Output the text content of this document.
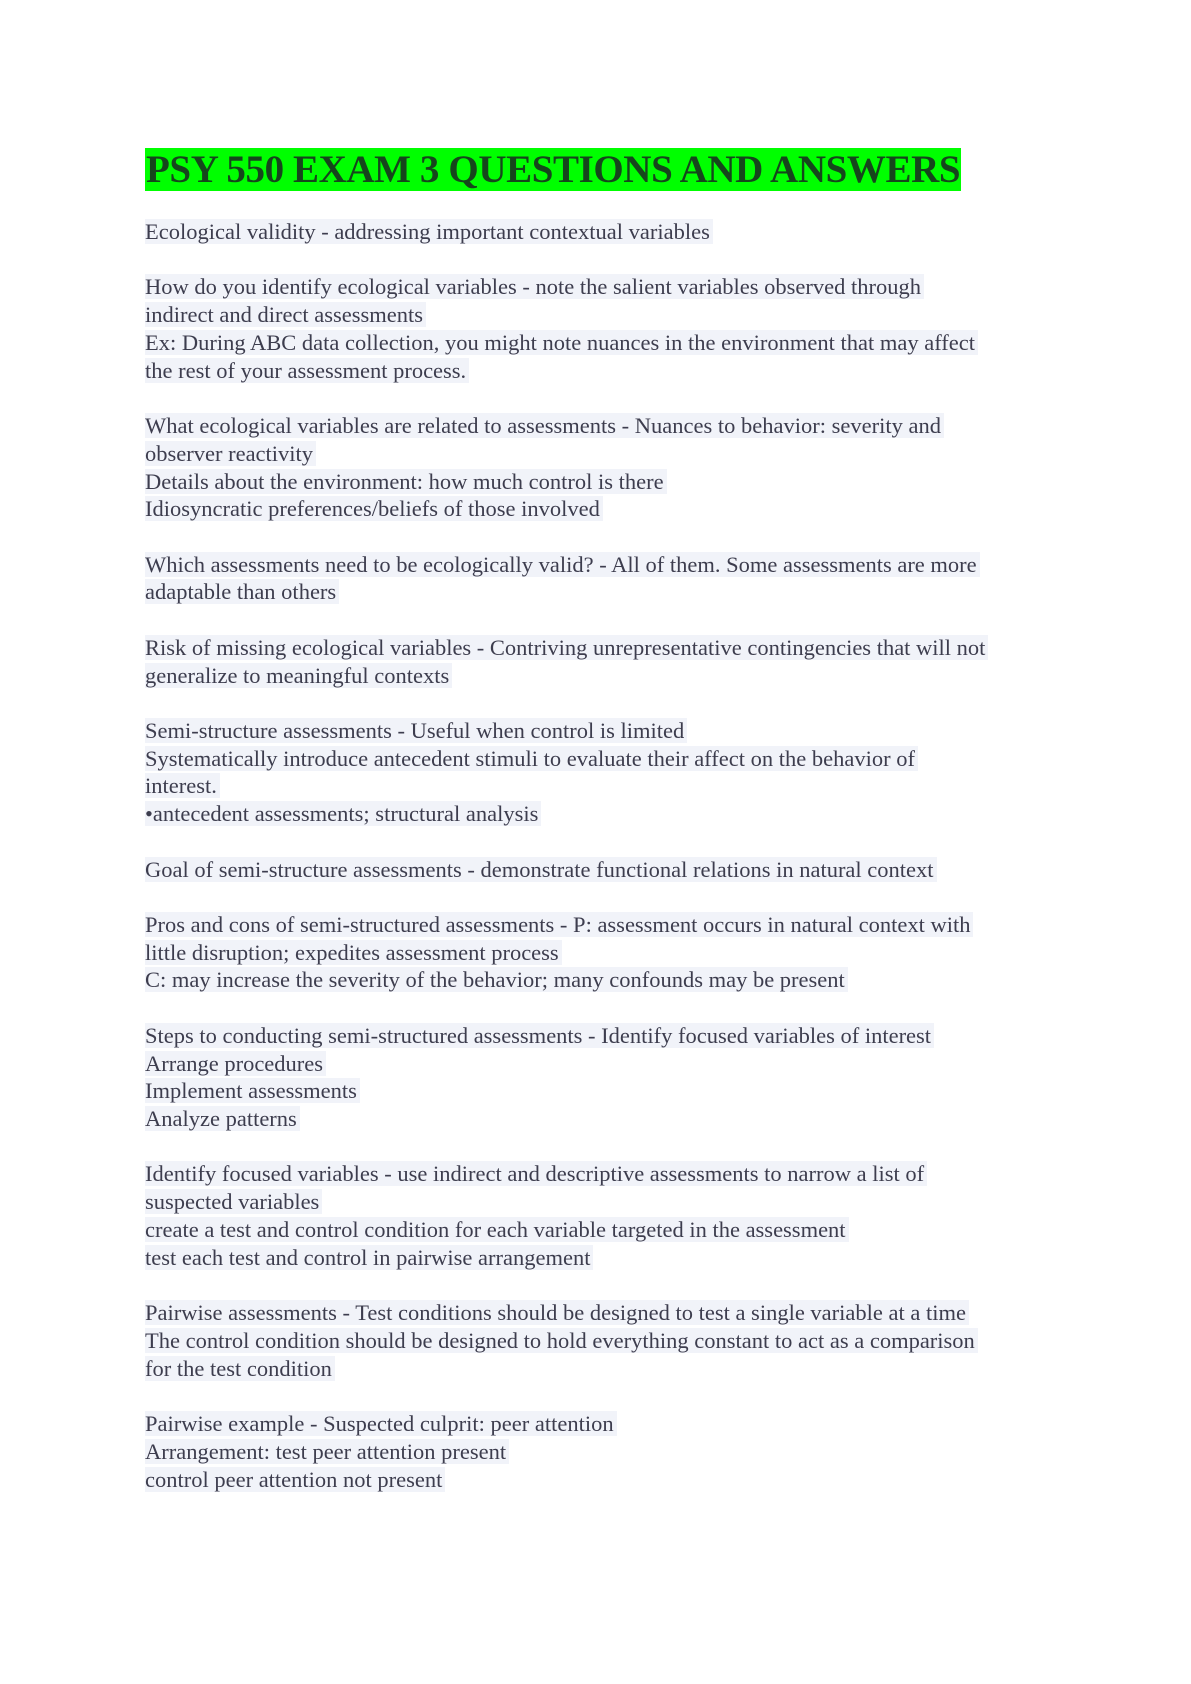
PSY 550 EXAM 3 QUESTIONS AND ANSWERS
Ecological validity - addressing important contextual variables
How do you identify ecological variables - note the salient variables observed through
indirect and direct assessments
Ex: During ABC data collection, you might note nuances in the environment that may affect
the rest of your assessment process.
What ecological variables are related to assessments - Nuances to behavior: severity and
observer reactivity
Details about the environment: how much control is there
Idiosyncratic preferences/beliefs of those involved
Which assessments need to be ecologically valid? - All of them. Some assessments are more
adaptable than others
Risk of missing ecological variables - Contriving unrepresentative contingencies that will not
generalize to meaningful contexts
Semi-structure assessments - Useful when control is limited
Systematically introduce antecedent stimuli to evaluate their affect on the behavior of
interest.
•antecedent assessments; structural analysis
Goal of semi-structure assessments - demonstrate functional relations in natural context
Pros and cons of semi-structured assessments - P: assessment occurs in natural context with
little disruption; expedites assessment process
C: may increase the severity of the behavior; many confounds may be present
Steps to conducting semi-structured assessments - Identify focused variables of interest
Arrange procedures
Implement assessments
Analyze patterns
Identify focused variables - use indirect and descriptive assessments to narrow a list of
suspected variables
create a test and control condition for each variable targeted in the assessment
test each test and control in pairwise arrangement
Pairwise assessments - Test conditions should be designed to test a single variable at a time
The control condition should be designed to hold everything constant to act as a comparison
for the test condition
Pairwise example - Suspected culprit: peer attention
Arrangement: test peer attention present
control peer attention not present
